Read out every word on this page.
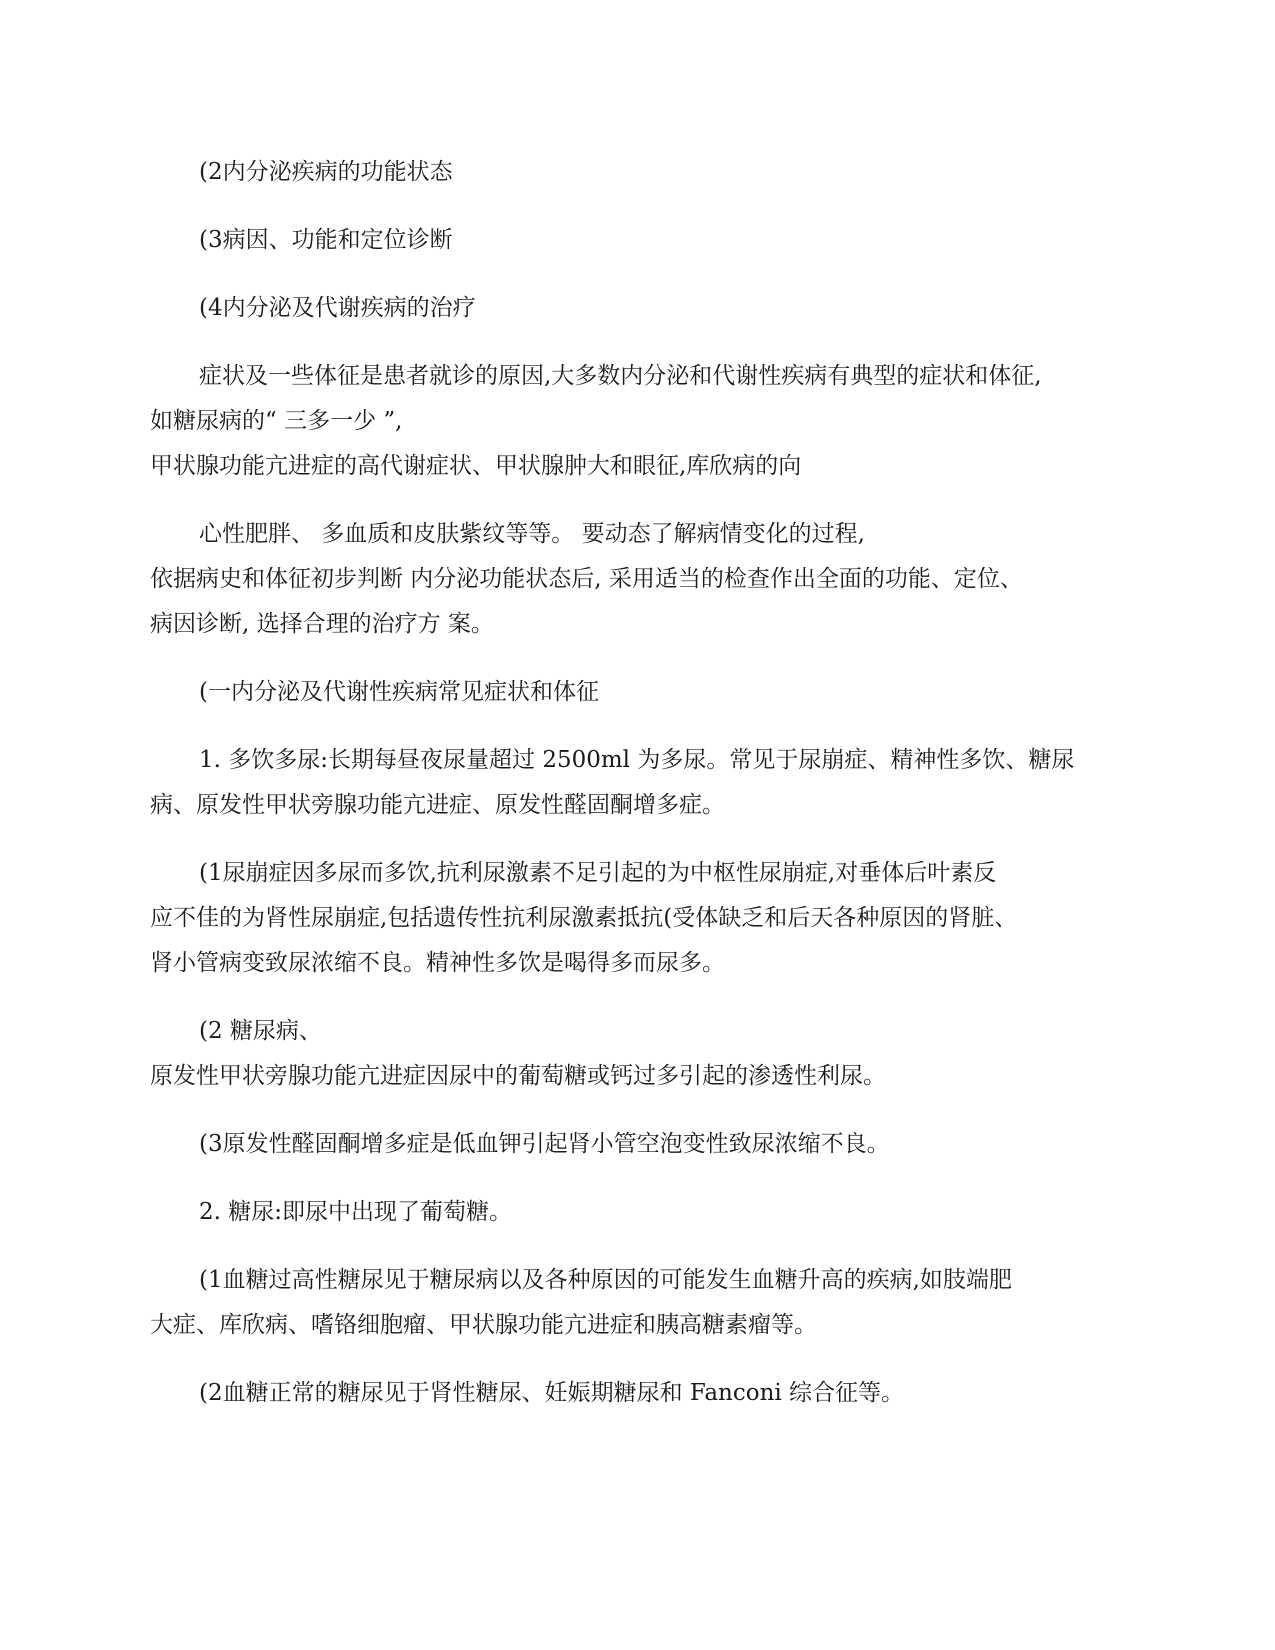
(2内分泌疾病的功能状态
(3病因、功能和定位诊断
(4内分泌及代谢疾病的治疗
症状及一些体征是患者就诊的原因,大多数内分泌和代谢性疾病有典型的症状和体征,
如糖尿病的“ 三多一少 ”,
甲状腺功能亢进症的高代谢症状、甲状腺肿大和眼征,库欣病的向
心性肥胖、 多血质和皮肤紫纹等等。 要动态了解病情变化的过程,
依据病史和体征初步判断 内分泌功能状态后, 采用适当的检查作出全面的功能、定位、
病因诊断, 选择合理的治疗方 案。
(一内分泌及代谢性疾病常见症状和体征
1. 多饮多尿:长期每昼夜尿量超过 2500ml 为多尿。常见于尿崩症、精神性多饮、糖尿
病、原发性甲状旁腺功能亢进症、原发性醛固酮增多症。
(1尿崩症因多尿而多饮,抗利尿激素不足引起的为中枢性尿崩症,对垂体后叶素反
应不佳的为肾性尿崩症,包括遗传性抗利尿激素抵抗(受体缺乏和后天各种原因的肾脏、
肾小管病变致尿浓缩不良。精神性多饮是喝得多而尿多。
(2 糖尿病、
原发性甲状旁腺功能亢进症因尿中的葡萄糖或钙过多引起的渗透性利尿。
(3原发性醛固酮增多症是低血钾引起肾小管空泡变性致尿浓缩不良。
2. 糖尿:即尿中出现了葡萄糖。
(1血糖过高性糖尿见于糖尿病以及各种原因的可能发生血糖升高的疾病,如肢端肥
大症、库欣病、嗜铬细胞瘤、甲状腺功能亢进症和胰高糖素瘤等。
(2血糖正常的糖尿见于肾性糖尿、妊娠期糖尿和 Fanconi 综合征等。
